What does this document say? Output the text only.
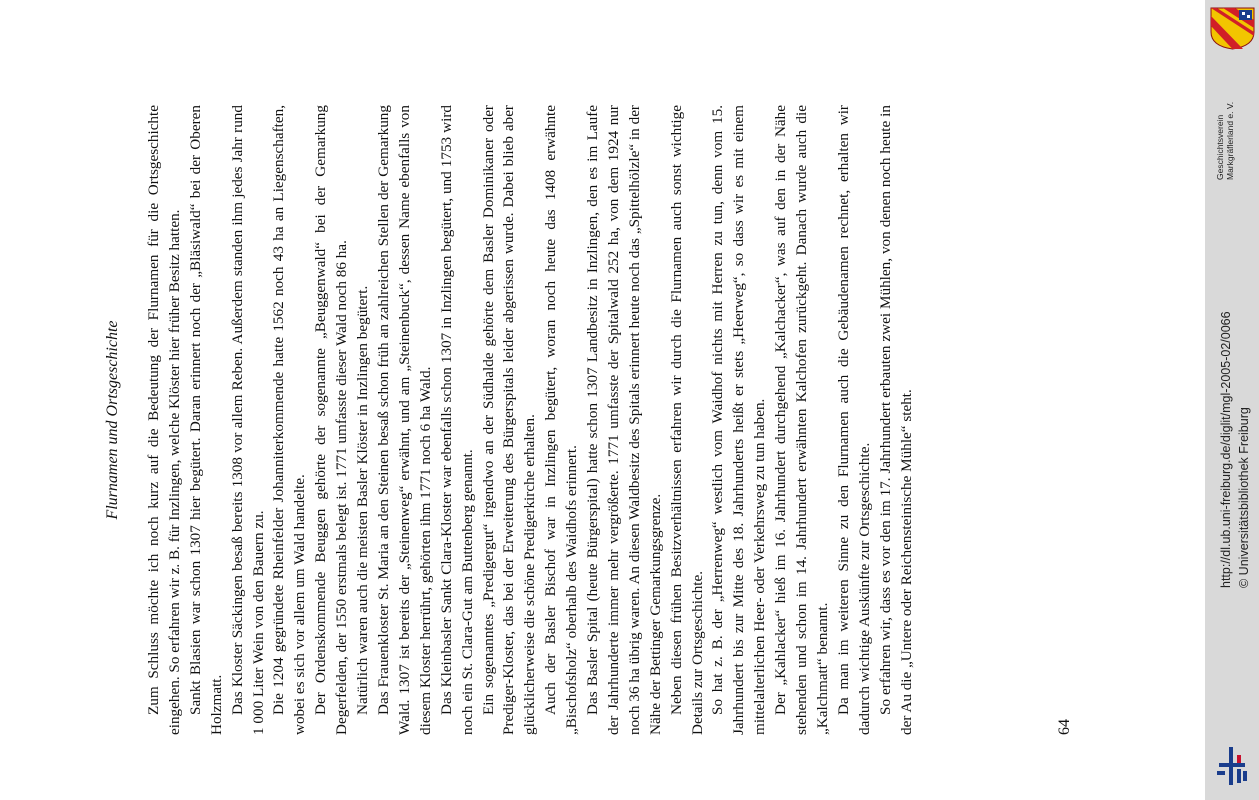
Flurnamen und Ortsgeschichte Zum Schluss möchte ich noch kurz auf die Bedeutung der Flurnamen für die Ortsgeschichte eingehen. So erfahren wir z. B. für Inzlingen, welche Klöster hier früher Besitz hatten. Sankt Blasien war schon 1307 hier begütert. Daran erinnert noch der „Bläsiwald“ bei der Oberen Holzmatt. Das Kloster Säckingen besaß bereits 1308 vor allem Reben. Außerdem standen ihm jedes Jahr rund 1 000 Liter Wein von den Bauern zu. Die 1204 gegründete Rheinfelder Johanniterkommende hatte 1562 noch 43 ha an Liegenschaften, wobei es sich vor allem um Wald handelte. Der Ordenskommende Beuggen gehörte der sogenannte „Beuggenwald“ bei der Gemarkung Degerfelden, der 1550 erstmals belegt ist. 1771 umfasste dieser Wald noch 86 ha. Natürlich waren auch die meisten Basler Klöster in Inzlingen begütert. Das Frauenkloster St. Maria an den Steinen besaß schon früh an zahlreichen Stellen der Gemarkung Wald. 1307 ist bereits der „Steinenweg“ erwähnt, und am „Steinenbuck“, dessen Name ebenfalls von diesem Kloster herrührt, gehörten ihm 1771 noch 6 ha Wald. Das Kleinbasler Sankt Clara-Kloster war ebenfalls schon 1307 in Inzlingen begütert, und 1753 wird noch ein St. Clara-Gut am Buttenberg genannt. Ein sogenanntes „Predigergut“ irgendwo an der Südhalde gehörte dem Basler Dominikaner oder Prediger-Kloster, das bei der Erweiterung des Bürgerspitals leider abgerissen wurde. Dabei blieb aber glücklicherweise die schöne Predigerkirche erhalten. Auch der Basler Bischof war in Inzlingen begütert, woran noch heute das 1408 erwähnte „Bischofsholz“ oberhalb des Waidhofs erinnert. Das Basler Spital (heute Bürgerspital) hatte schon 1307 Landbesitz in Inzlingen, den es im Laufe der Jahrhunderte immer mehr vergrößerte. 1771 umfasste der Spitalwald 252 ha, von dem 1924 nur noch 36 ha übrig waren. An diesen Waldbesitz des Spitals erinnert heute noch das „Spittelhölzle“ in der Nähe der Bettinger Gemarkungsgrenze. Neben diesen frühen Besitzverhältnissen erfahren wir durch die Flurnamen auch sonst wichtige Details zur Ortsgeschichte. So hat z. B. der „Herrenweg“ westlich vom Waidhof nichts mit Herren zu tun, denn vom 15. Jahrhundert bis zur Mitte des 18. Jahrhunderts heißt er stets „Heerweg“, so dass wir es mit einem mittelalterlichen Heer- oder Verkehrsweg zu tun haben. Der „Kahlacker“ hieß im 16. Jahrhundert durchgehend „Kalchacker“, was auf den in der Nähe stehenden und schon im 14. Jahrhundert erwähnten Kalchofen zurückgeht. Danach wurde auch die „Kalchmatt“ benannt. Da man im weiteren Sinne zu den Flurnamen auch die Gebäudenamen rechnet, erhalten wir dadurch wichtige Auskünfte zur Ortsgeschichte. So erfahren wir, dass es vor den im 17. Jahrhundert erbauten zwei Mühlen, von denen noch heute in der Au die „Untere oder Reichensteinische Mühle“ steht.	64
Geschichtsverein Markgräflerland e. V.
http://dl.ub.uni-freiburg.de/diglit/mgl-2005-02/0066 © Universitätsbibliothek Freiburg
